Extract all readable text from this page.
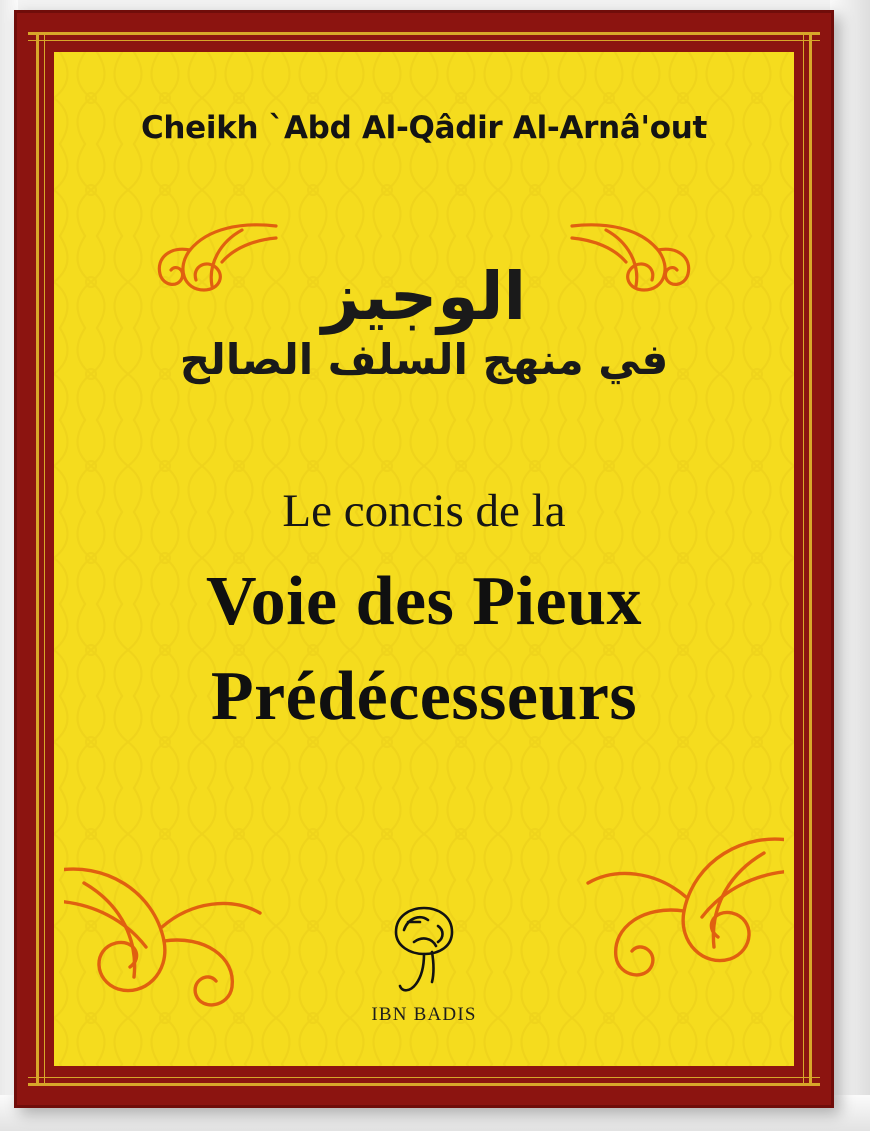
Cheikh `Abd Al-Qâdir Al-Arnâ'out
الوجيز
في منهج السلف الصالح
Le concis de la
Voie des Pieux
Prédécesseurs
IBN BADIS
